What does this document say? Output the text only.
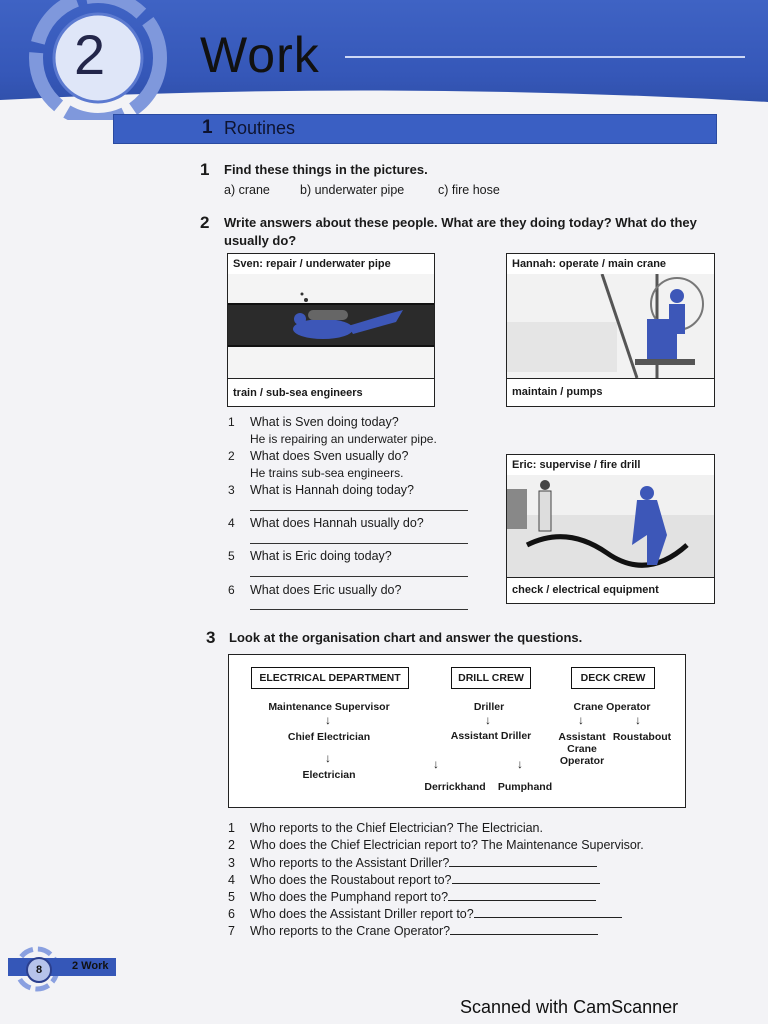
2 Work
1 Routines
1 Find these things in the pictures.
a) crane b) underwater pipe	c) fire hose
2 Write answers about these people. What are they doing today? What do they
usually do?
Sven: repair / underwater pipe
train / sub-sea engineers
Hannah: operate / main crane
maintain / pumps
Eric: supervise / fire drill
check / electrical equipment
1	What is Sven doing today?
He is repairing an underwater pipe.
2	What does Sven usually do?
He trains sub-sea engineers.
3	What is Hannah doing today?
4	What does Hannah usually do?
5	What is Eric doing today?
6	What does Eric usually do?
3 Look at the organisation chart and answer the questions.
ELECTRICAL DEPARTMENT	DRILL CREW	DECK CREW
Maintenance Supervisor
↓
Chief Electrician
↓
Electrician
Driller
↓
Assistant Driller
↓	↓
Derrickhand	Pumphand
Crane Operator
↓	↓
Assistant
Crane
Operator
Roustabout
1 Who reports to the Chief Electrician? The Electrician.
2 Who does the Chief Electrician report to? The Maintenance Supervisor.
3 Who reports to the Assistant Driller?
4 Who does the Roustabout report to?
5 Who does the Pumphand report to?
6 Who does the Assistant Driller report to?
7 Who reports to the Crane Operator?
8	2 Work
Scanned with CamScanner
